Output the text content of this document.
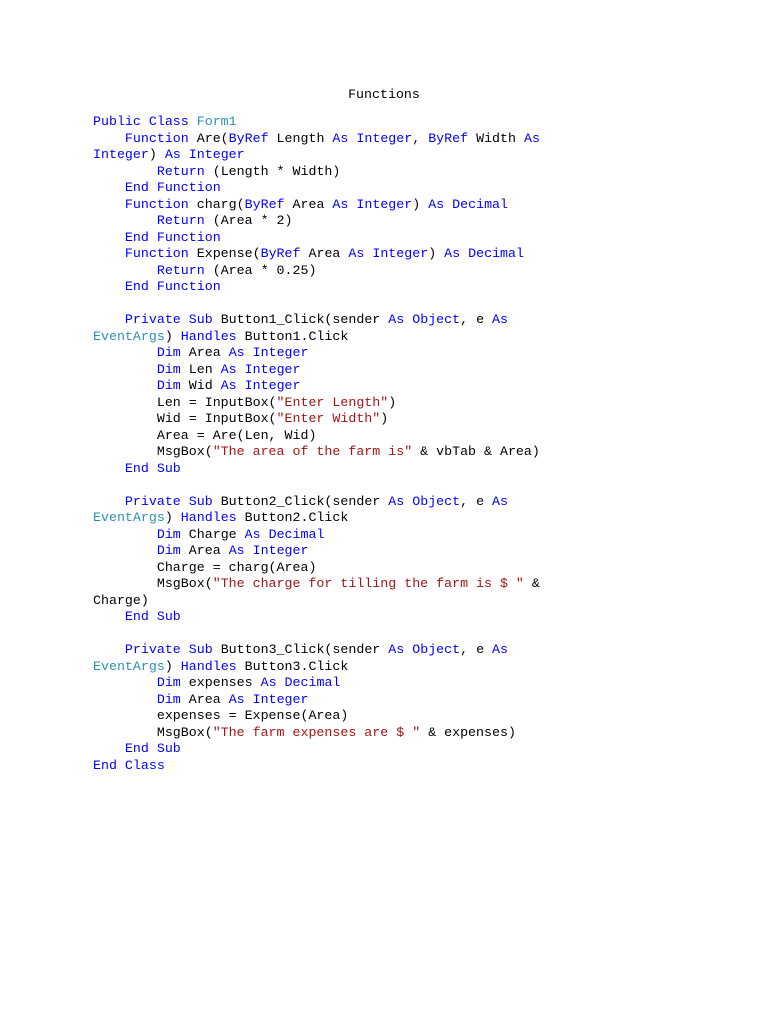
Functions
Public Class Form1
Function Are(ByRef Length As Integer, ByRef Width As
Integer) As Integer
Return (Length * Width)
End Function
Function charg(ByRef Area As Integer) As Decimal
Return (Area * 2)
End Function
Function Expense(ByRef Area As Integer) As Decimal
Return (Area * 0.25)
End Function
Private Sub Button1_Click(sender As Object, e As
EventArgs) Handles Button1.Click
Dim Area As Integer
Dim Len As Integer
Dim Wid As Integer
Len = InputBox("Enter Length")
Wid = InputBox("Enter Width")
Area = Are(Len, Wid)
MsgBox("The area of the farm is" & vbTab & Area)
End Sub
Private Sub Button2_Click(sender As Object, e As
EventArgs) Handles Button2.Click
Dim Charge As Decimal
Dim Area As Integer
Charge = charg(Area)
MsgBox("The charge for tilling the farm is $ " &
Charge)
End Sub
Private Sub Button3_Click(sender As Object, e As
EventArgs) Handles Button3.Click
Dim expenses As Decimal
Dim Area As Integer
expenses = Expense(Area)
MsgBox("The farm expenses are $ " & expenses)
End Sub
End Class
